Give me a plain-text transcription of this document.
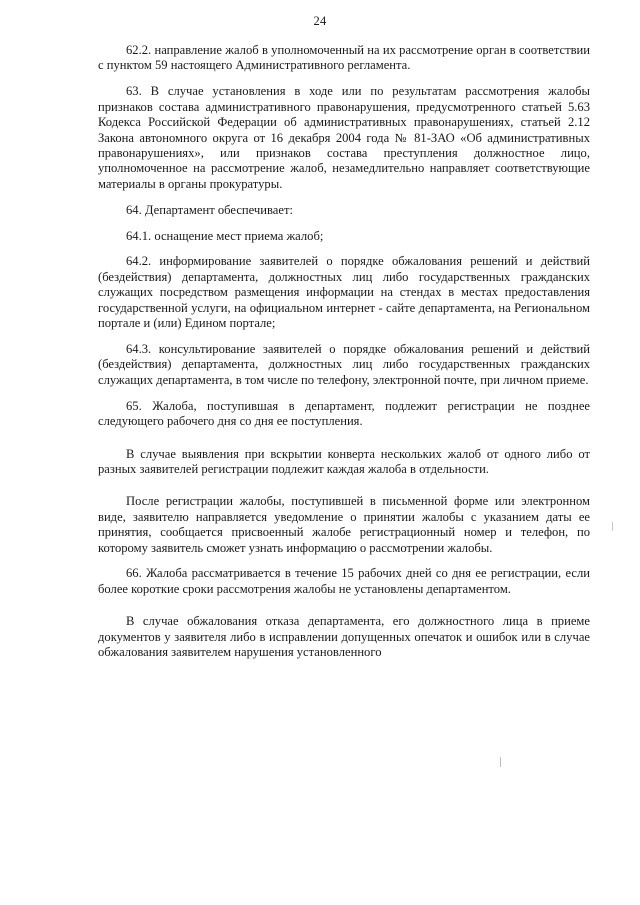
24

62.2. направление жалоб в уполномоченный на их рассмотрение орган в соответствии с пунктом 59 настоящего Административного регламента.

63. В случае установления в ходе или по результатам рассмотрения жалобы признаков состава административного правонарушения, предусмотренного статьей 5.63 Кодекса Российской Федерации об административных правонарушениях, статьей 2.12 Закона автономного округа от 16 декабря 2004 года № 81-ЗАО «Об административных правонарушениях», или признаков состава преступления должностное лицо, уполномоченное на рассмотрение жалоб, незамедлительно направляет соответствующие материалы в органы прокуратуры.

64. Департамент обеспечивает:

64.1. оснащение мест приема жалоб;

64.2. информирование заявителей о порядке обжалования решений и действий (бездействия) департамента, должностных лиц либо государственных гражданских служащих посредством размещения информации на стендах в местах предоставления государственной услуги, на официальном интернет - сайте департамента, на Региональном портале и (или) Едином портале;

64.3. консультирование заявителей о порядке обжалования решений и действий (бездействия) департамента, должностных лиц либо государственных гражданских служащих департамента, в том числе по телефону, электронной почте, при личном приеме.

65. Жалоба, поступившая в департамент, подлежит регистрации не позднее следующего рабочего дня со дня ее поступления.

В случае выявления при вскрытии конверта нескольких жалоб от одного либо от разных заявителей регистрации подлежит каждая жалоба в отдельности.

После регистрации жалобы, поступившей в письменной форме или электронном виде, заявителю направляется уведомление о принятии жалобы с указанием даты ее принятия, сообщается присвоенный жалобе регистрационный номер и телефон, по которому заявитель сможет узнать информацию о рассмотрении жалобы.

66. Жалоба рассматривается в течение 15 рабочих дней со дня ее регистрации, если более короткие сроки рассмотрения жалобы не установлены департаментом.

В случае обжалования отказа департамента, его должностного лица в приеме документов у заявителя либо в исправлении допущенных опечаток и ошибок или в случае обжалования заявителем нарушения установленного
